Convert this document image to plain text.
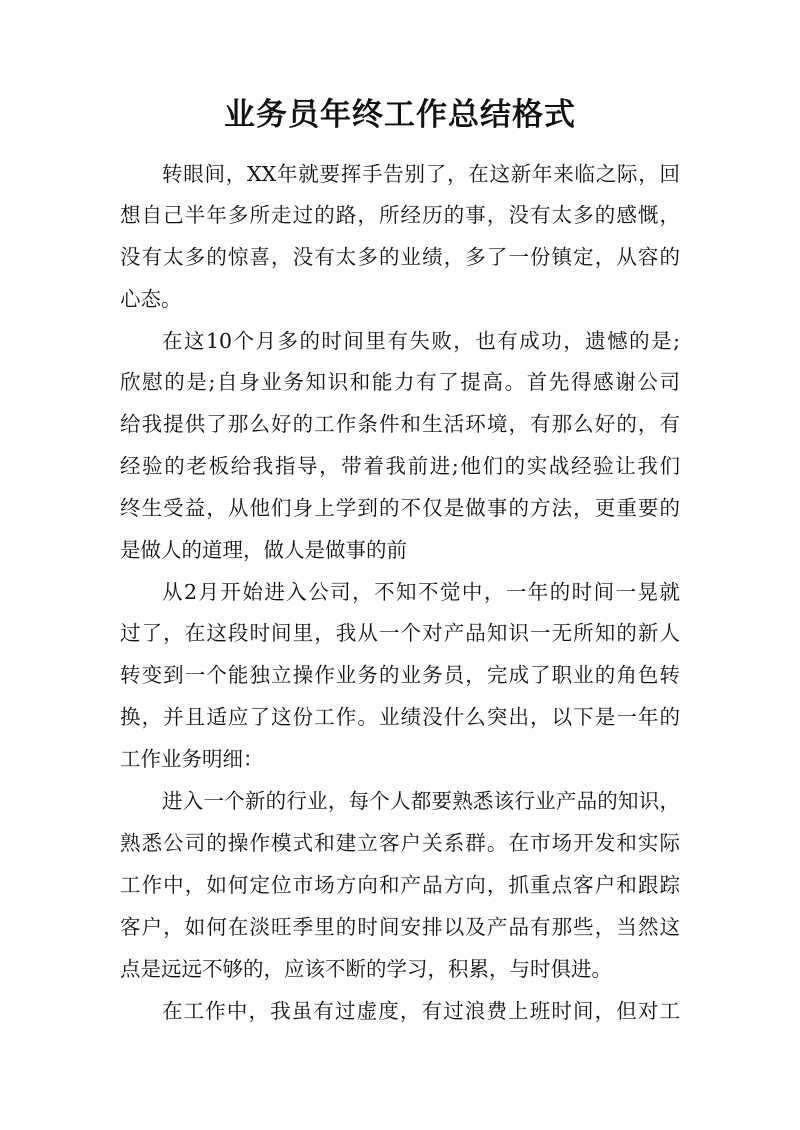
业务员年终工作总结格式
转眼间，XX年就要挥手告别了，在这新年来临之际，回
想自己半年多所走过的路，所经历的事，没有太多的感慨，
没有太多的惊喜，没有太多的业绩，多了一份镇定，从容的
心态。
在这10个月多的时间里有失败，也有成功，遗憾的是;
欣慰的是;自身业务知识和能力有了提高。首先得感谢公司
给我提供了那么好的工作条件和生活环境，有那么好的，有
经验的老板给我指导，带着我前进;他们的实战经验让我们
终生受益，从他们身上学到的不仅是做事的方法，更重要的
是做人的道理，做人是做事的前
从2月开始进入公司，不知不觉中，一年的时间一晃就
过了，在这段时间里，我从一个对产品知识一无所知的新人
转变到一个能独立操作业务的业务员，完成了职业的角色转
换，并且适应了这份工作。业绩没什么突出，以下是一年的
工作业务明细：
进入一个新的行业，每个人都要熟悉该行业产品的知识，
熟悉公司的操作模式和建立客户关系群。在市场开发和实际
工作中，如何定位市场方向和产品方向，抓重点客户和跟踪
客户，如何在淡旺季里的时间安排以及产品有那些，当然这
点是远远不够的，应该不断的学习，积累，与时俱进。
在工作中，我虽有过虚度，有过浪费上班时间，但对工
